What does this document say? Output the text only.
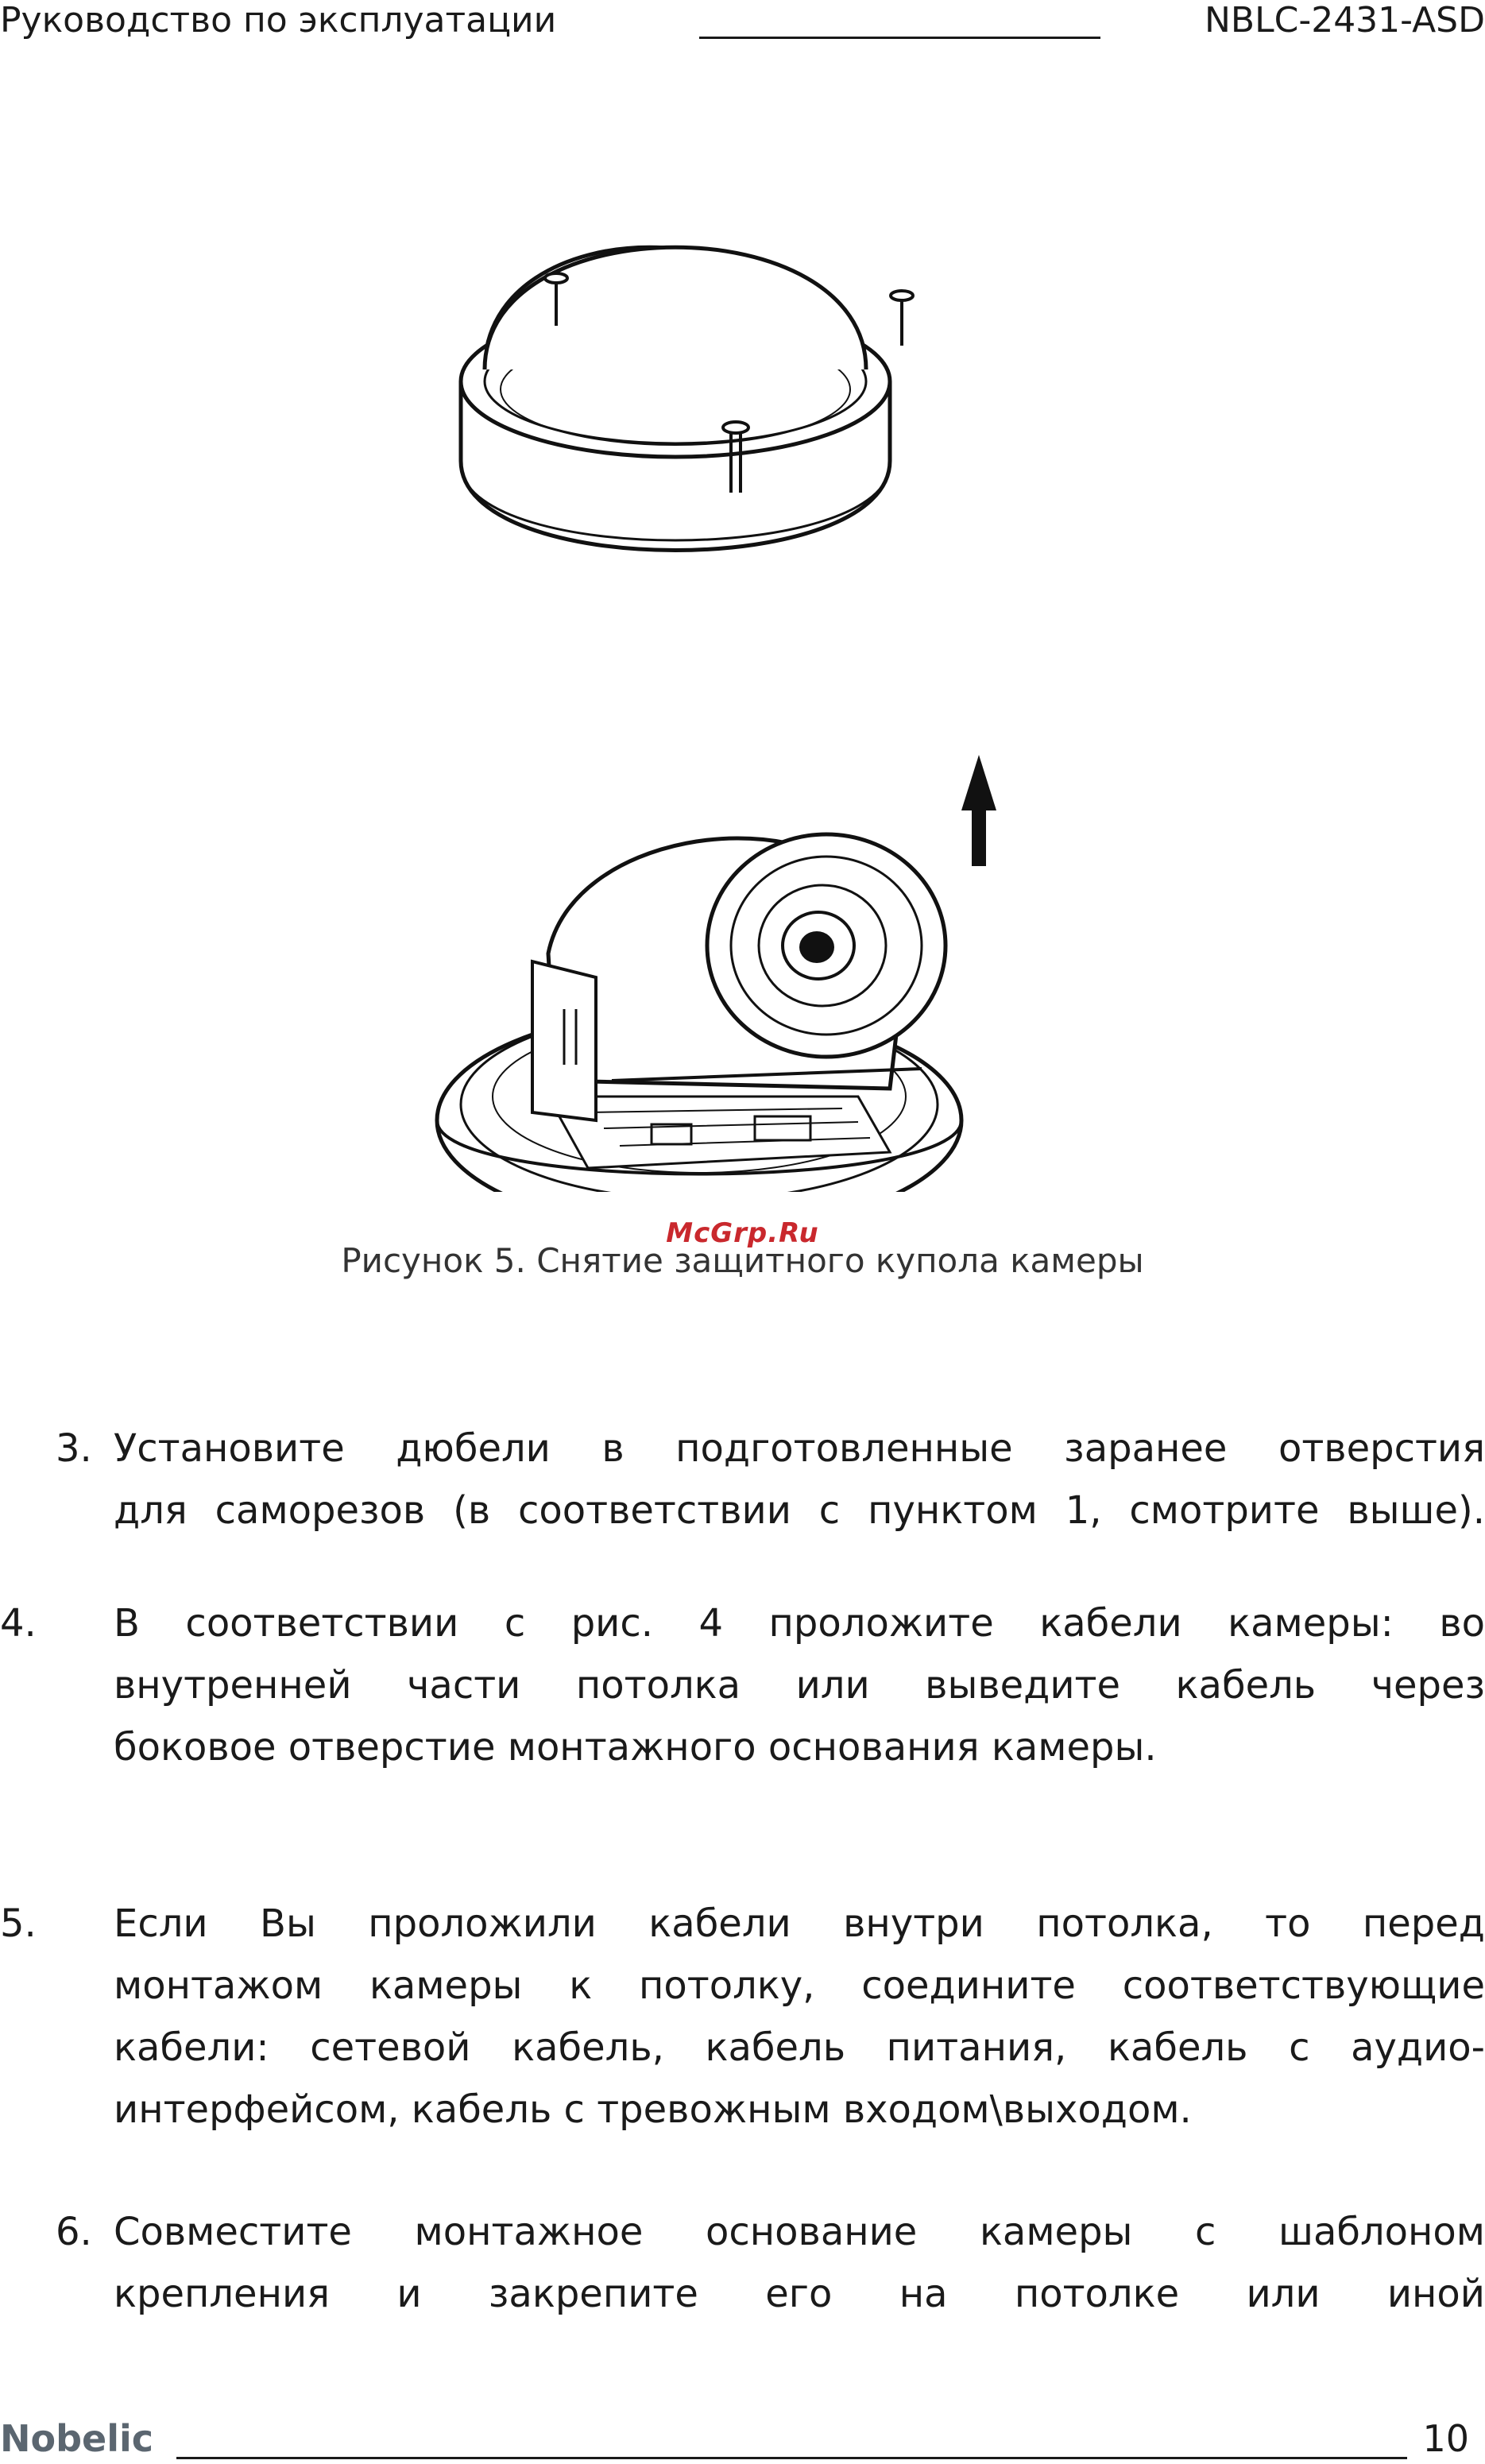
Руководство по эксплуатации	NBLC-2431-ASD
McGrp.Ru
Рисунок 5. Снятие защитного купола камеры
3. Установите дюбели в подготовленные заранее отверстия
для саморезов (в соответствии с пунктом 1, смотрите выше).
4. В соответствии с рис. 4 проложите кабели камеры: во
внутренней части потолка или выведите кабель через
боковое отверстие монтажного основания камеры.
5. Если Вы проложили кабели внутри потолка, то перед
монтажом камеры к потолку, соедините соответствующие
кабели: сетевой кабель, кабель питания, кабель с аудио-
интерфейсом, кабель с тревожным входом\выходом.
6. Совместите монтажное основание камеры с шаблоном
крепления и закрепите его на потолке или иной
Nobelic	10
